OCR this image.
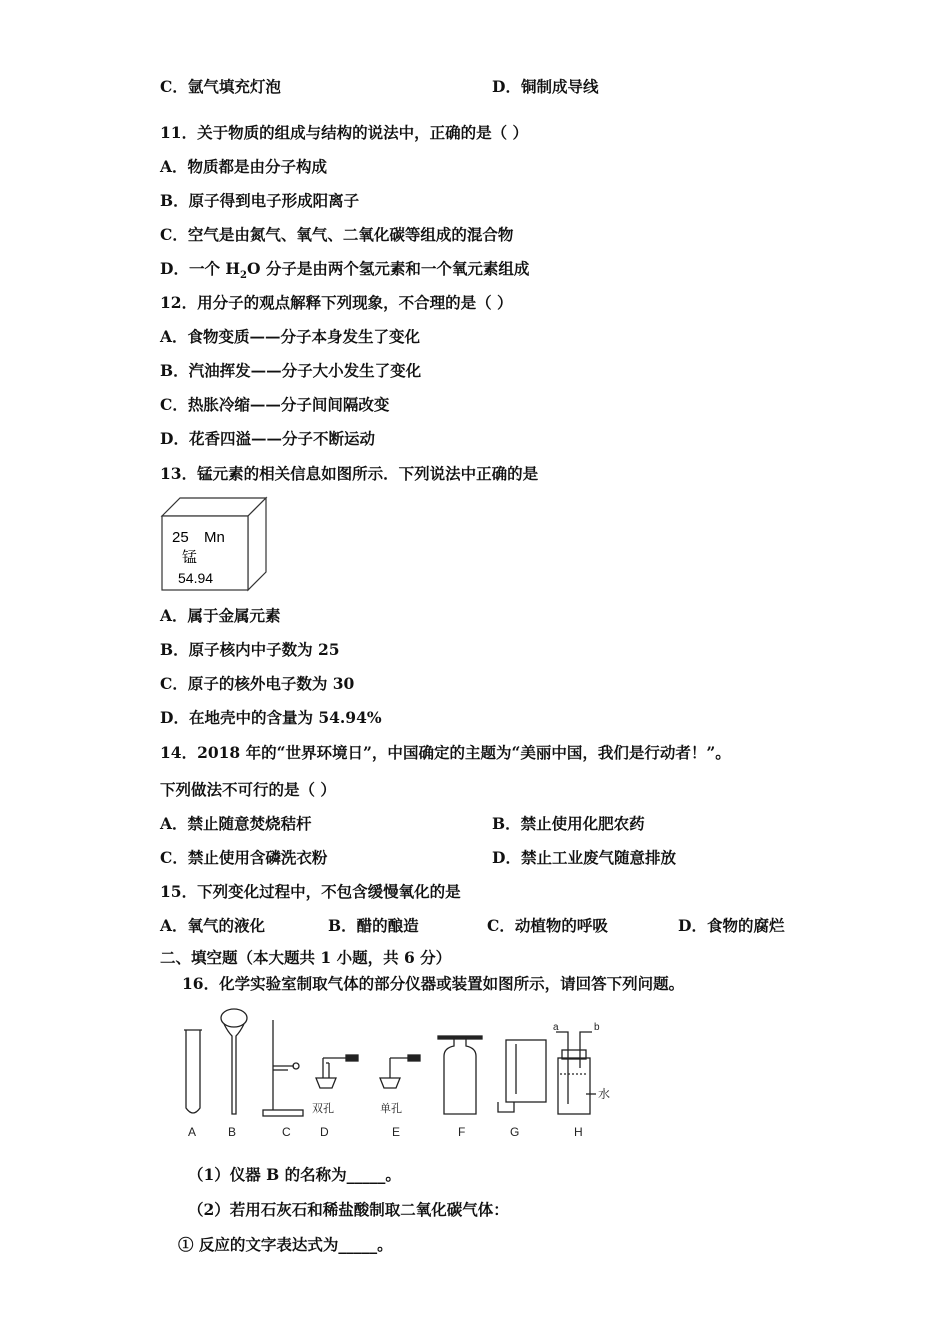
C．氩气填充灯泡	D．铜制成导线
11．关于物质的组成与结构的说法中，正确的是（ ）
A．物质都是由分子构成
B．原子得到电子形成阳离子
C．空气是由氮气、氧气、二氧化碳等组成的混合物
D．一个 $H_2O$ 分子是由两个氢元素和一个氧元素组成
12．用分子的观点解释下列现象，不合理的是（ ）
A．食物变质——分子本身发生了变化
B．汽油挥发——分子大小发生了变化
C．热胀冷缩——分子间间隔改变
D．花香四溢——分子不断运动
13．锰元素的相关信息如图所示．下列说法中正确的是
25 Mn
锰
54.94
A．属于金属元素
B．原子核内中子数为 25
C．原子的核外电子数为 30
D．在地壳中的含量为 54.94%
14．2018 年的“世界环境日”，中国确定的主题为“美丽中国，我们是行动者！”。
下列做法不可行的是（ ）
A．禁止随意焚烧秸杆	B．禁止使用化肥农药
C．禁止使用含磷洗衣粉	D．禁止工业废气随意排放
15．下列变化过程中，不包含缓慢氧化的是
A．氧气的液化	B．醋的酿造	C．动植物的呼吸	D．食物的腐烂
二、填空题（本大题共 1 小题，共 6 分）
16．化学实验室制取气体的部分仪器或装置如图所示，请回答下列问题。
A	B	C D	E	F	G	H
双孔	单孔
a	b
水
（1）仪器 B 的名称为_____。
（2）若用石灰石和稀盐酸制取二氧化碳气体：
① 反应的文字表达式为_____。
